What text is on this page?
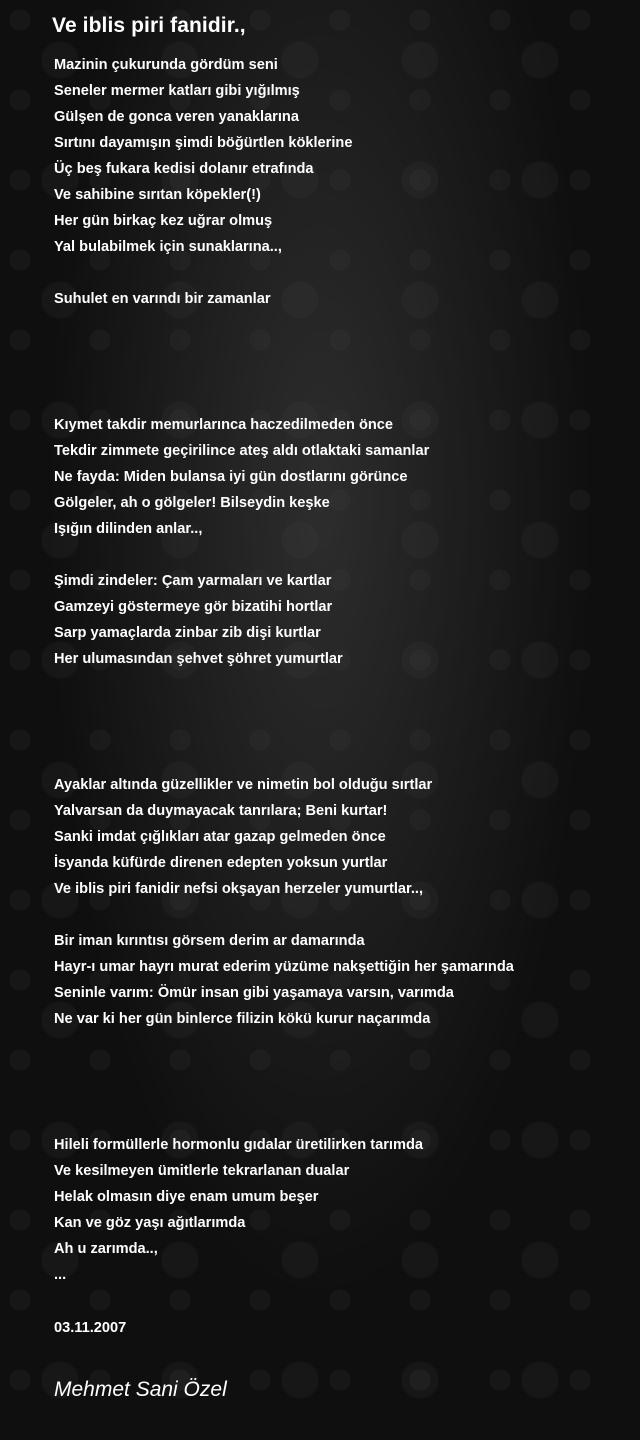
Ve iblis piri fanidir.,
Mazinin çukurunda gördüm seni
Seneler mermer katları gibi yığılmış
Gülşen de gonca veren yanaklarına
Sırtını dayamışın şimdi böğürtlen köklerine
Üç beş fukara kedisi dolanır etrafında
Ve sahibine sırıtan köpekler(!)
Her gün birkaç kez uğrar olmuş
Yal bulabilmek için sunaklarına..,
Suhulet en varındı bir zamanlar
Kıymet takdir memurlarınca haczedilmeden önce
Tekdir zimmete geçirilince ateş aldı otlaktaki samanlar
Ne fayda: Miden bulansa iyi gün dostlarını görünce
Gölgeler, ah o gölgeler! Bilseydin keşke
Işığın dilinden anlar..,
Şimdi zindeler: Çam yarmaları ve kartlar
Gamzeyi göstermeye gör bizatihi hortlar
Sarp yamaçlarda zinbar zib dişi kurtlar
Her ulumasından şehvet şöhret yumurtlar
Ayaklar altında güzellikler ve nimetin bol olduğu sırtlar
Yalvarsan da duymayacak tanrılara; Beni kurtar!
Sanki imdat çığlıkları atar gazap gelmeden önce
İsyanda küfürde direnen edepten yoksun yurtlar
Ve iblis piri fanidir nefsi okşayan herzeler yumurtlar..,
Bir iman kırıntısı görsem derim ar damarında
Hayr-ı umar hayrı murat ederim yüzüme nakşettiğin her şamarında
Seninle varım: Ömür insan gibi yaşamaya varsın, varımda
Ne var ki her gün binlerce filizin kökü kurur naçarımda
Hileli formüllerle hormonlu gıdalar üretilirken tarımda
Ve kesilmeyen ümitlerle tekrarlanan dualar
Helak olmasın diye enam umum beşer
Kan ve göz yaşı ağıtlarımda
Ah u zarımda..,
...
03.11.2007
Mehmet Sani Özel
